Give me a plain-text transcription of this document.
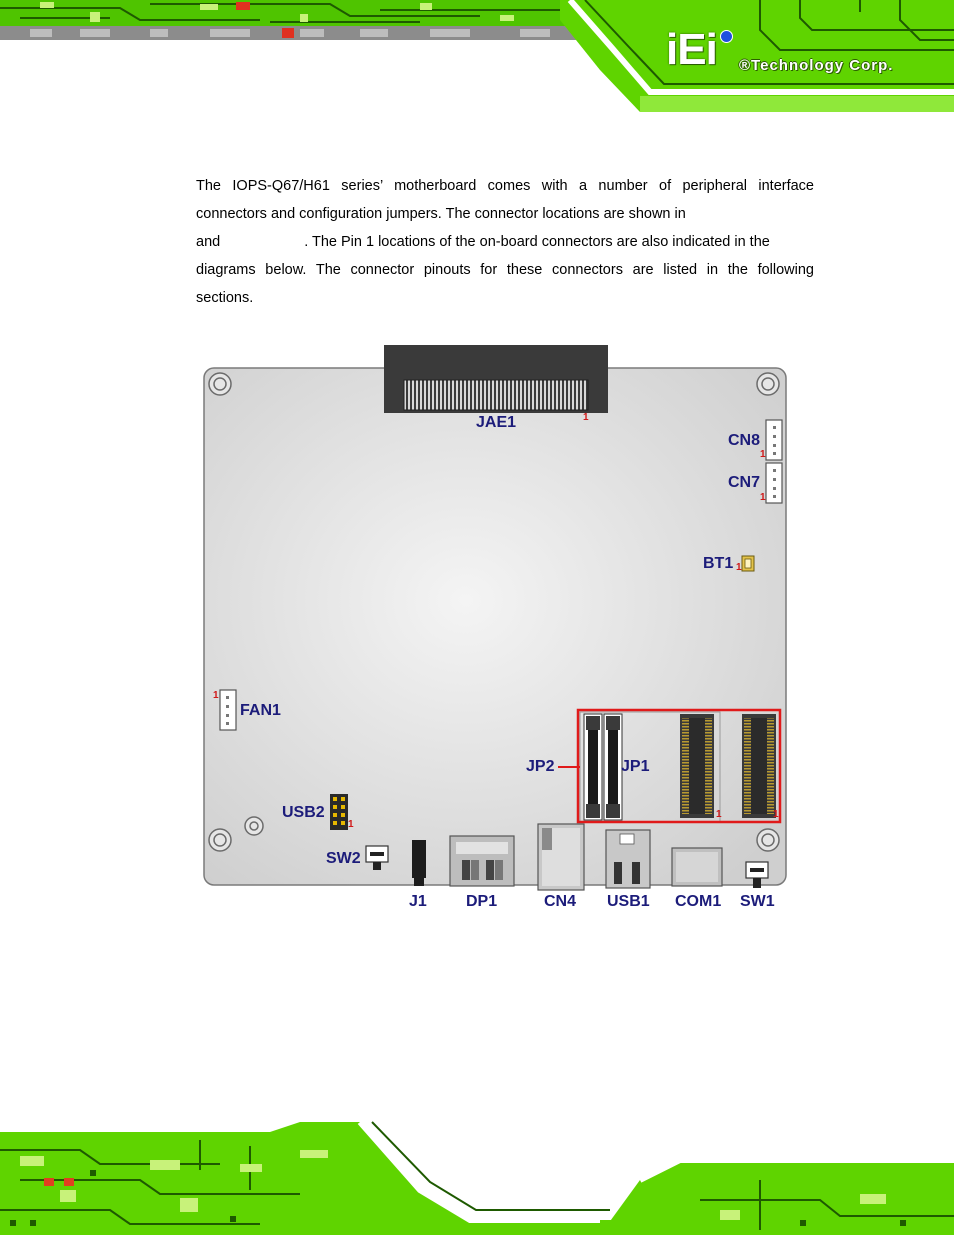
iEi ®Technology Corp.
The IOPS-Q67/H61 series’ motherboard comes with a number of peripheral interface
connectors and configuration jumpers. The connector locations are shown in
and	. The Pin 1 locations of the on-board connectors are also indicated in the
diagrams below. The connector pinouts for these connectors are listed in the following
sections.
JAE1	1
CN8
1
CN7
1
BT1 1
1
FAN1
JP2	JP1
1	1
USB2
1
SW2
J1 DP1	CN4 USB1 COM1 SW1
